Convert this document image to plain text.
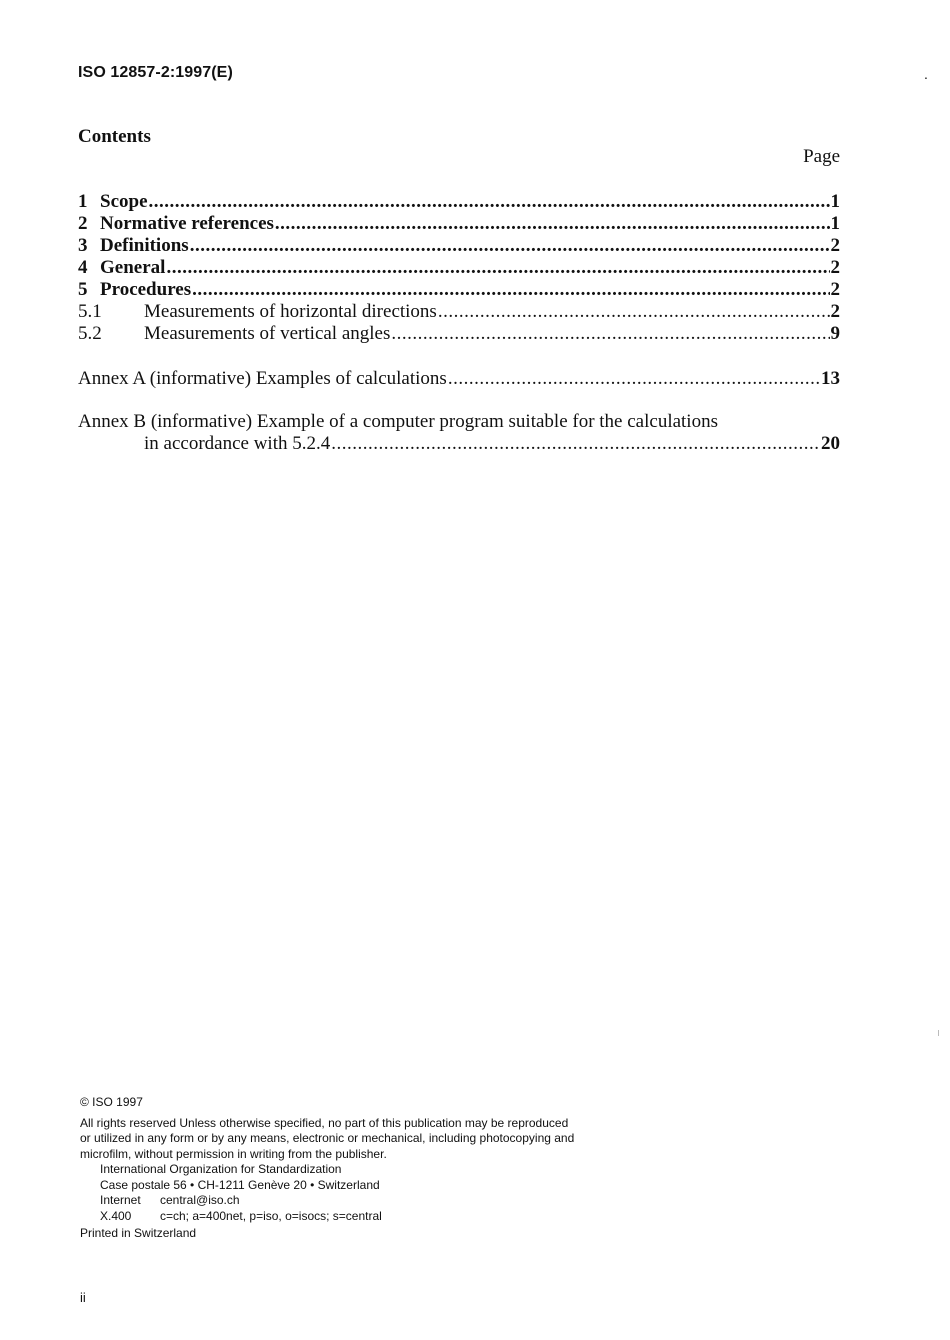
ISO 12857-2:1997(E)	.
Contents
Page
1 Scope .....	1
2 Normative references .....	1
3 Definitions .....	2
4 General .....	2
5 Procedures .....	2
5.1	Measurements of horizontal directions .....	2
5.2	Measurements of vertical angles .....	9
Annex A (informative) Examples of calculations .....	13
Annex B (informative) Example of a computer program suitable for the calculations
in accordance with 5.2.4 .....	20
© ISO 1997
All rights reserved Unless otherwise specified, no part of this publication may be reproduced
or utilized in any form or by any means, electronic or mechanical, including photocopying and
microfilm, without permission in writing from the publisher.
International Organization for Standardization
Case postale 56 • CH-1211 Genève 20 • Switzerland
Internet	central@iso.ch
X.400	c=ch; a=400net, p=iso, o=isocs; s=central
Printed in Switzerland
ii
